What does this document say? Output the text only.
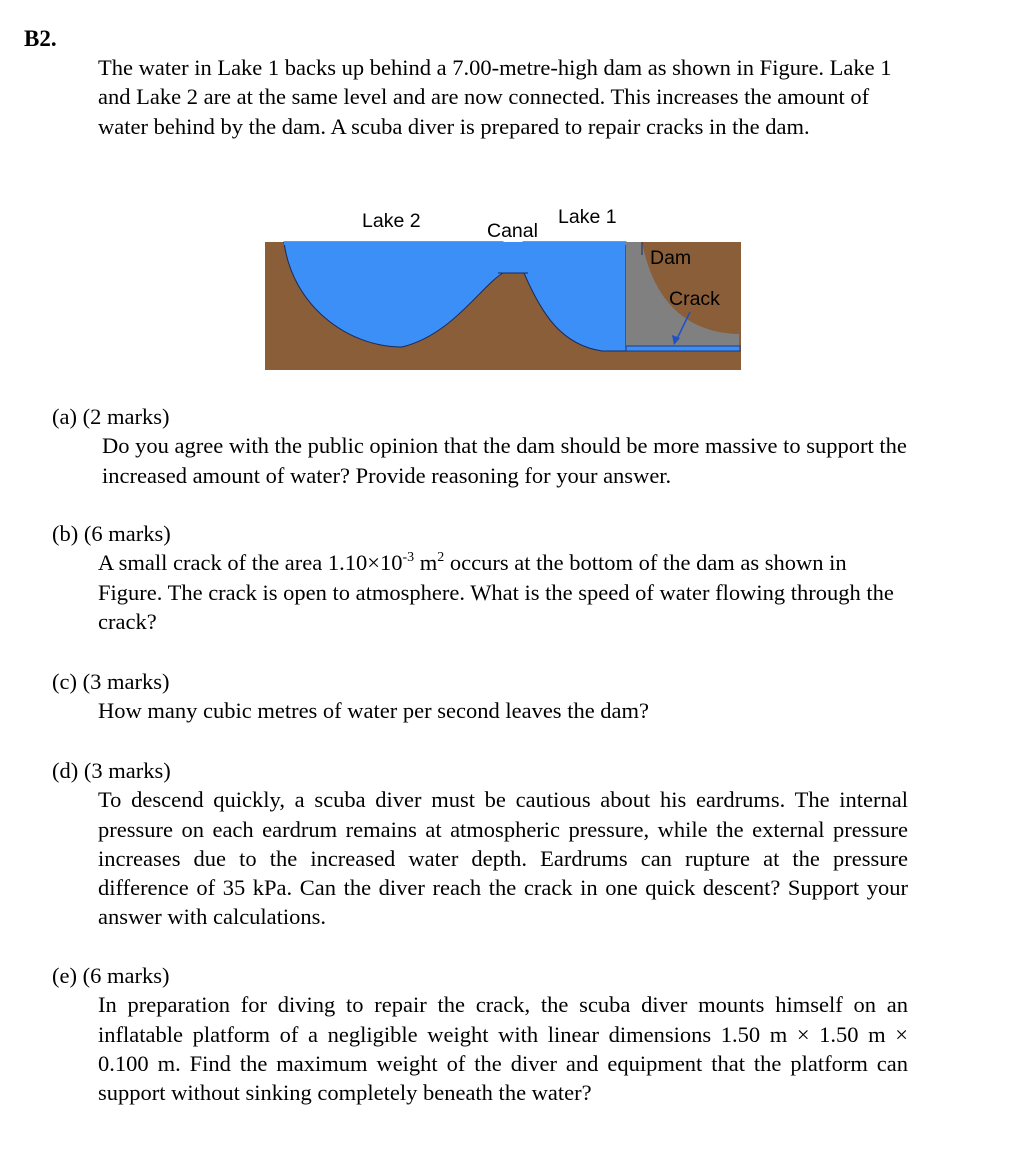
B2.
The water in Lake 1 backs up behind a 7.00-metre-high dam as shown in Figure. Lake 1 and Lake 2 are at the same level and are now connected. This increases the amount of water behind by the dam. A scuba diver is prepared to repair cracks in the dam.
Lake 2	Canal
Lake 1
Dam
Crack
(a) (2 marks)
Do you agree with the public opinion that the dam should be more massive to support the increased amount of water? Provide reasoning for your answer.
(b) (6 marks)
A small crack of the area $1.10\times 10^{-3}$ $m^2$ occurs at the bottom of the dam as shown in Figure. The crack is open to atmosphere. What is the speed of water flowing through the crack?
(c) (3 marks)
How many cubic metres of water per second leaves the dam?
(d) (3 marks)
To descend quickly, a scuba diver must be cautious about his eardrums. The internal pressure on each eardrum remains at atmospheric pressure, while the external pressure increases due to the increased water depth. Eardrums can rupture at the pressure difference of 35 kPa. Can the diver reach the crack in one quick descent? Support your answer with calculations.
(e) (6 marks)
In preparation for diving to repair the crack, the scuba diver mounts himself on an inflatable platform of a negligible weight with linear dimensions 1.50 m × 1.50 m × 0.100 m. Find the maximum weight of the diver and equipment that the platform can support without sinking completely beneath the water?
